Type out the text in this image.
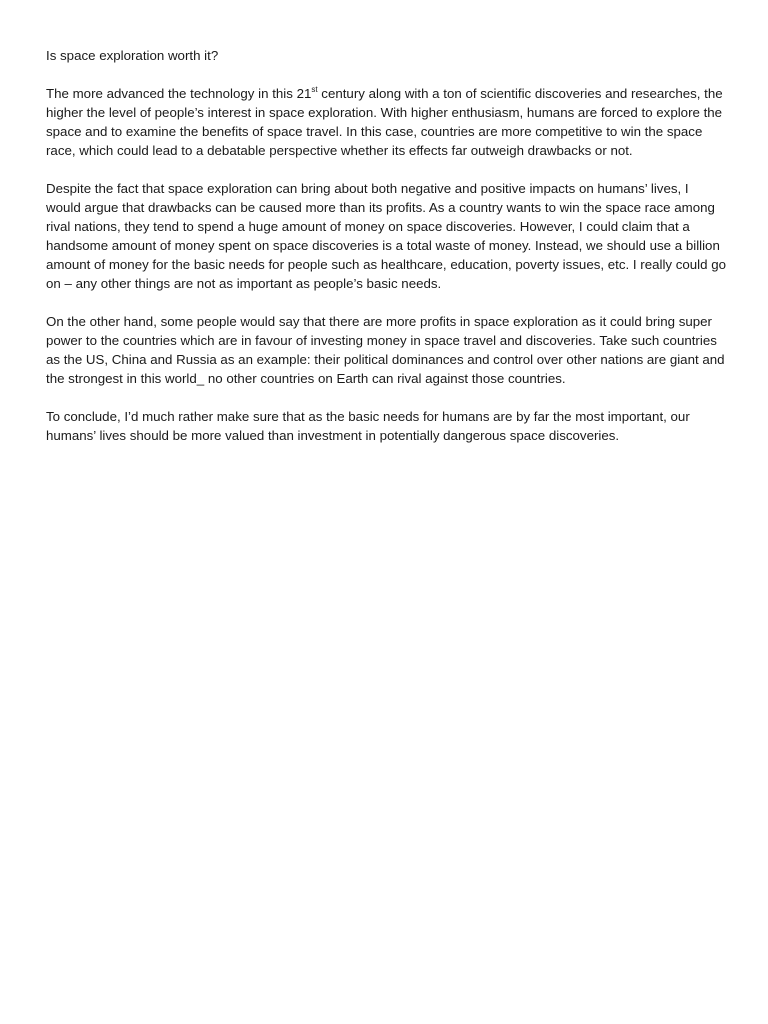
Is space exploration worth it?

The more advanced the technology in this 21st century along with a ton of scientific discoveries and researches, the higher the level of people’s interest in space exploration. With higher enthusiasm, humans are forced to explore the space and to examine the benefits of space travel. In this case, countries are more competitive to win the space race, which could lead to a debatable perspective whether its effects far outweigh drawbacks or not.

Despite the fact that space exploration can bring about both negative and positive impacts on humans’ lives, I would argue that drawbacks can be caused more than its profits. As a country wants to win the space race among rival nations, they tend to spend a huge amount of money on space discoveries. However, I could claim that a handsome amount of money spent on space discoveries is a total waste of money. Instead, we should use a billion amount of money for the basic needs for people such as healthcare, education, poverty issues, etc. I really could go on – any other things are not as important as people’s basic needs.

On the other hand, some people would say that there are more profits in space exploration as it could bring super power to the countries which are in favour of investing money in space travel and discoveries. Take such countries as the US, China and Russia as an example: their political dominances and control over other nations are giant and the strongest in this world_ no other countries on Earth can rival against those countries.

To conclude, I’d much rather make sure that as the basic needs for humans are by far the most important, our humans’ lives should be more valued than investment in potentially dangerous space discoveries.
